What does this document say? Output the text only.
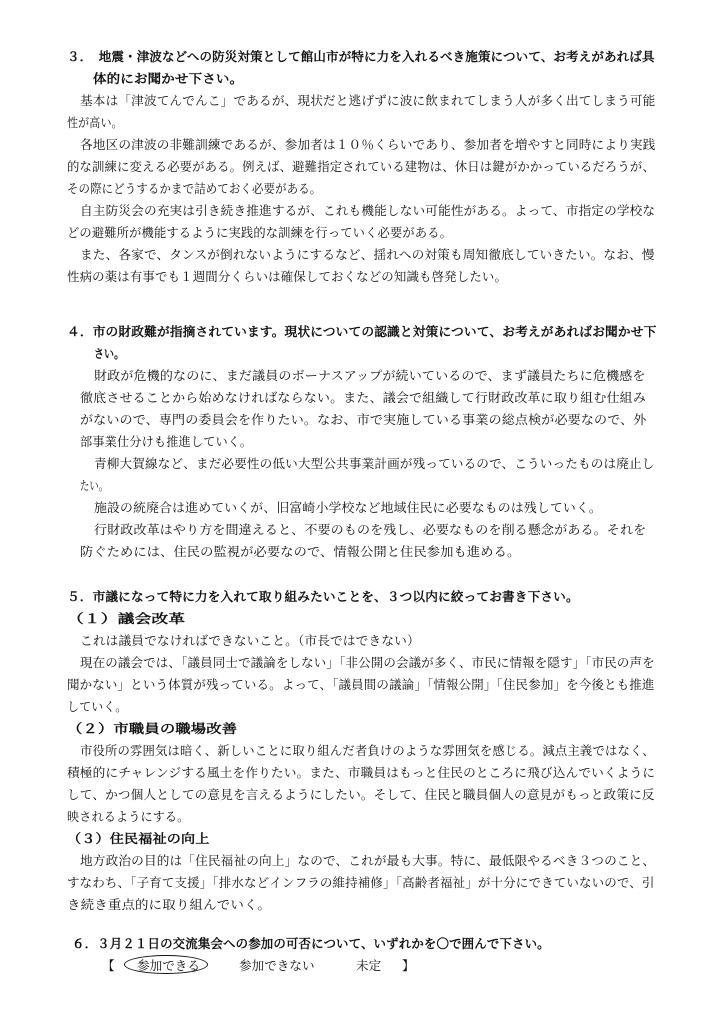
３．　地震・津波などへの防災対策として館山市が特に力を入れるべき施策について、お考えがあれば具
体的にお聞かせ下さい。
基本は「津波てんでんこ」であるが、現状だと逃げずに波に飲まれてしまう人が多く出てしまう可能
性が高い。
各地区の津波の非難訓練であるが、参加者は１０％くらいであり、参加者を増やすと同時により実践
的な訓練に変える必要がある。例えば、避難指定されている建物は、休日は鍵がかかっているだろうが、
その際にどうするかまで詰めておく必要がある。
自主防災会の充実は引き続き推進するが、これも機能しない可能性がある。よって、市指定の学校な
どの避難所が機能するように実践的な訓練を行っていく必要がある。
また、各家で、タンスが倒れないようにするなど、揺れへの対策も周知徹底していきたい。なお、慢
性病の薬は有事でも１週間分くらいは確保しておくなどの知識も啓発したい。
４．市の財政難が指摘されています。現状についての認識と対策について、お考えがあればお聞かせ下
さい。
財政が危機的なのに、まだ議員のボーナスアップが続いているので、まず議員たちに危機感を
徹底させることから始めなければならない。また、議会で組織して行財政改革に取り組む仕組み
がないので、専門の委員会を作りたい。なお、市で実施している事業の総点検が必要なので、外
部事業仕分けも推進していく。
青柳大賀線など、まだ必要性の低い大型公共事業計画が残っているので、こういったものは廃止し
たい。
施設の統廃合は進めていくが、旧富崎小学校など地域住民に必要なものは残していく。
行財政改革はやり方を間違えると、不要のものを残し、必要なものを削る懸念がある。それを
防ぐためには、住民の監視が必要なので、情報公開と住民参加も進める。
５．市議になって特に力を入れて取り組みたいことを、３つ以内に絞ってお書き下さい。
（１）議会改革
これは議員でなければできないこと。（市長ではできない）
現在の議会では、「議員同士で議論をしない」「非公開の会議が多く、市民に情報を隠す」「市民の声を
聞かない」という体質が残っている。よって、「議員間の議論」「情報公開」「住民参加」を今後とも推進
していく。
（２）市職員の職場改善
市役所の雰囲気は暗く、新しいことに取り組んだ者負けのような雰囲気を感じる。減点主義ではなく、
積極的にチャレンジする風土を作りたい。また、市職員はもっと住民のところに飛び込んでいくように
して、かつ個人としての意見を言えるようにしたい。そして、住民と職員個人の意見がもっと政策に反
映されるようにする。
（３）住民福祉の向上
地方政治の目的は「住民福祉の向上」なので、これが最も大事。特に、最低限やるべき３つのこと、
すなわち、「子育て支援」「排水などインフラの維持補修」「高齢者福祉」が十分にできていないので、引
き続き重点的に取り組んでいく。
６．３月２１日の交流集会への参加の可否について、いずれかを〇で囲んで下さい。
【 参加できる	参加できない	未定 】
